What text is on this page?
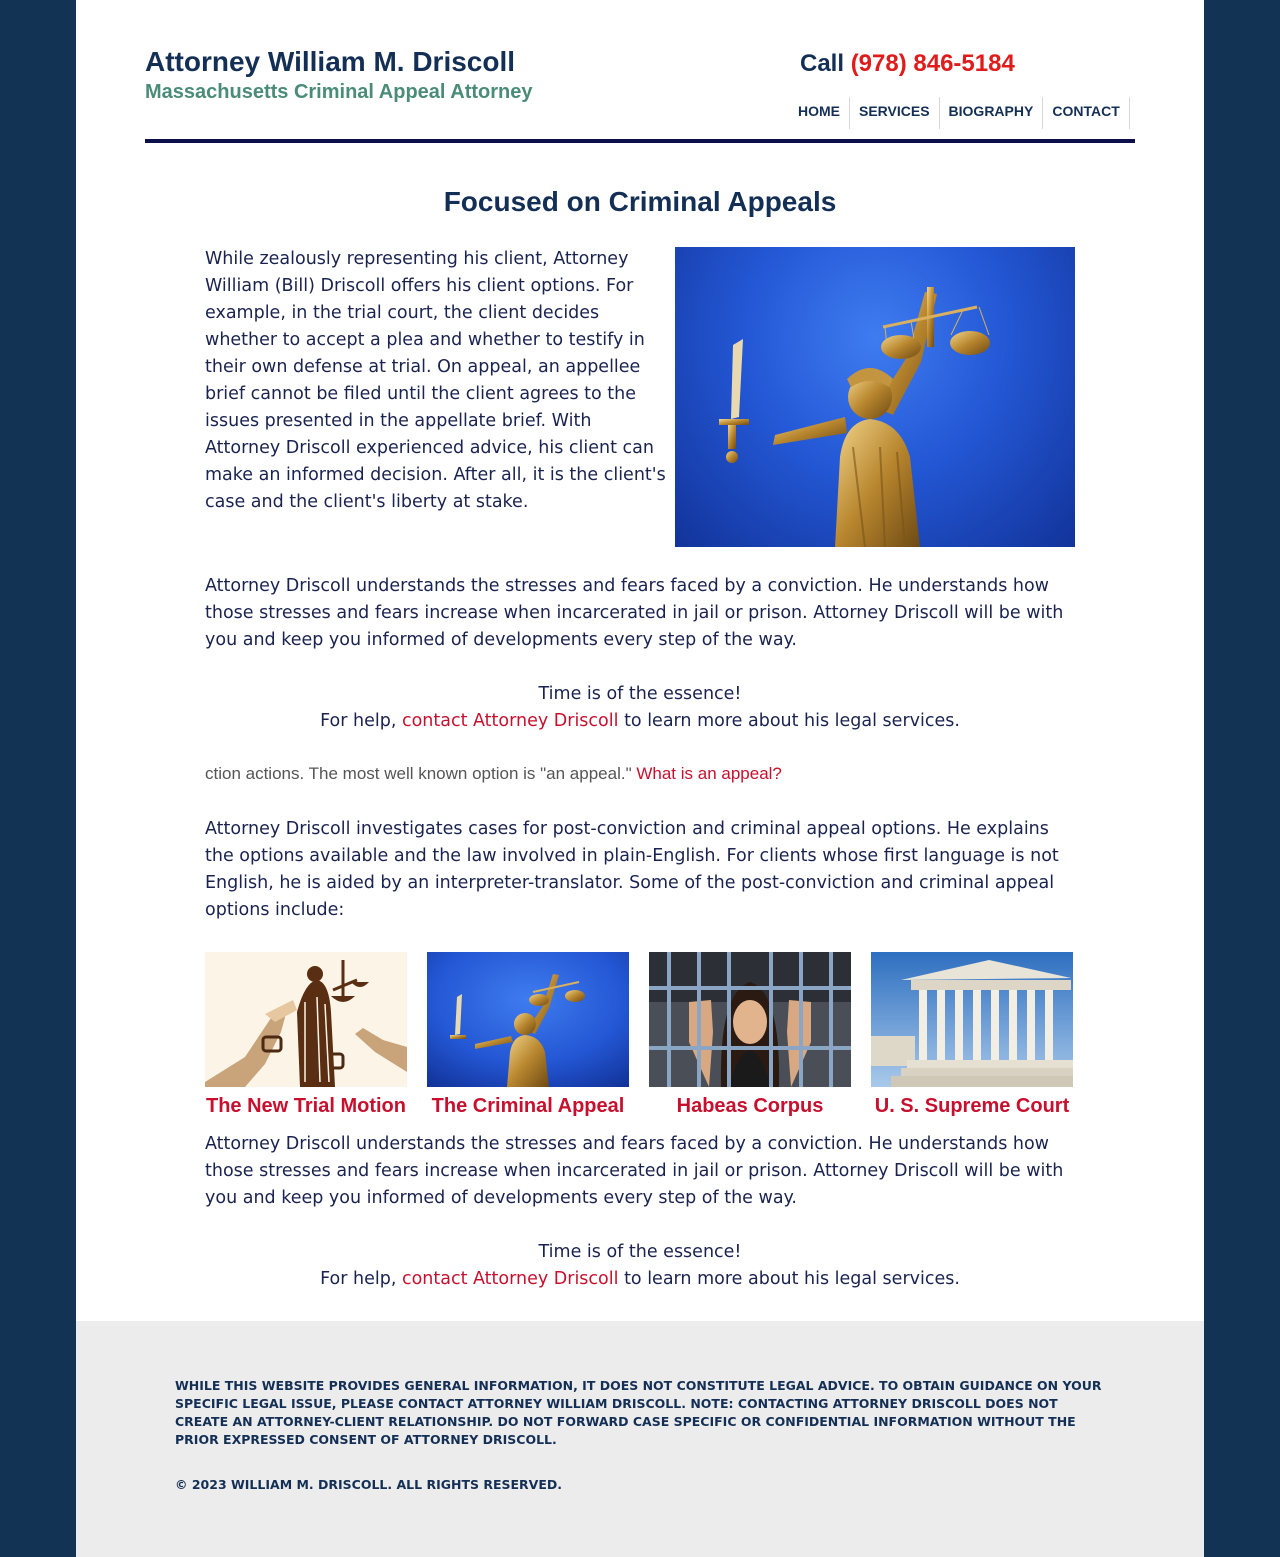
Attorney William M. Driscoll
Massachusetts Criminal Appeal Attorney
Call (978) 846-5184
HOME	SERVICES	BIOGRAPHY	CONTACT
Focused on Criminal Appeals

While zealously representing his client, Attorney William (Bill) Driscoll offers his client options. For example, in the trial court, the client decides whether to accept a plea and whether to testify in their own defense at trial. On appeal, an appellee brief cannot be filed until the client agrees to the issues presented in the appellate brief. With Attorney Driscoll experienced advice, his client can make an informed decision. After all, it is the client's case and the client's liberty at stake.

Attorney Driscoll understands the stresses and fears faced by a conviction. He understands how those stresses and fears increase when incarcerated in jail or prison. Attorney Driscoll will be with you and keep you informed of developments every step of the way.

Time is of the essence!

For help, contact Attorney Driscoll to learn more about his legal services.

ction actions. The most well known option is "an appeal." What is an appeal?

Attorney Driscoll investigates cases for post-conviction and criminal appeal options. He explains the options available and the law involved in plain-English. For clients whose first language is not English, he is aided by an interpreter-translator. Some of the post-conviction and criminal appeal options include:

The New Trial Motion The Criminal Appeal	Habeas Corpus	U. S. Supreme Court

Attorney Driscoll understands the stresses and fears faced by a conviction. He understands how those stresses and fears increase when incarcerated in jail or prison. Attorney Driscoll will be with you and keep you informed of developments every step of the way.

Time is of the essence!

For help, contact Attorney Driscoll to learn more about his legal services.

WHILE THIS WEBSITE PROVIDES GENERAL INFORMATION, IT DOES NOT CONSTITUTE LEGAL ADVICE. TO OBTAIN GUIDANCE ON YOUR SPECIFIC LEGAL ISSUE, PLEASE CONTACT ATTORNEY WILLIAM DRISCOLL. NOTE: CONTACTING ATTORNEY DRISCOLL DOES NOT CREATE AN ATTORNEY-CLIENT RELATIONSHIP. DO NOT FORWARD CASE SPECIFIC OR CONFIDENTIAL INFORMATION WITHOUT THE PRIOR EXPRESSED CONSENT OF ATTORNEY DRISCOLL.

© 2023 WILLIAM M. DRISCOLL. ALL RIGHTS RESERVED.
